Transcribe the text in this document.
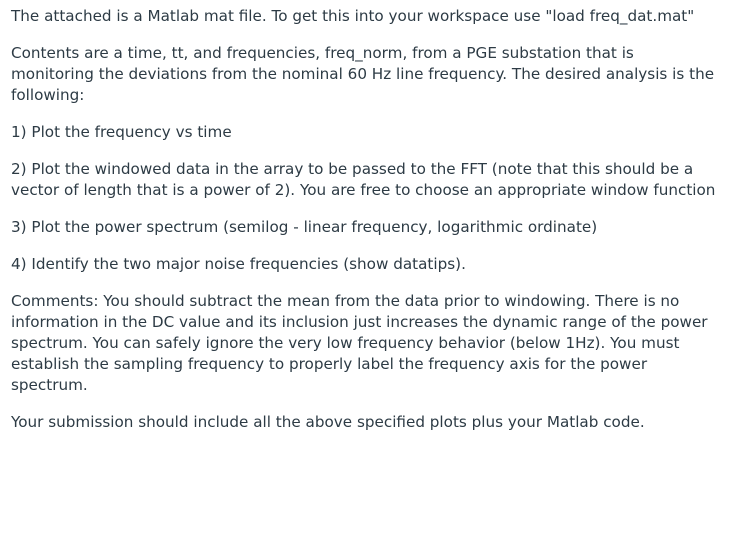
The attached is a Matlab mat file. To get this into your workspace use "load freq_dat.mat"

Contents are a time, tt, and frequencies, freq_norm, from a PGE substation that is monitoring the deviations from the nominal 60 Hz line frequency. The desired analysis is the following:

1) Plot the frequency vs time

2) Plot the windowed data in the array to be passed to the FFT (note that this should be a vector of length that is a power of 2). You are free to choose an appropriate window function

3) Plot the power spectrum (semilog - linear frequency, logarithmic ordinate)

4) Identify the two major noise frequencies (show datatips).

Comments: You should subtract the mean from the data prior to windowing. There is no information in the DC value and its inclusion just increases the dynamic range of the power spectrum. You can safely ignore the very low frequency behavior (below 1Hz). You must establish the sampling frequency to properly label the frequency axis for the power spectrum.

Your submission should include all the above specified plots plus your Matlab code.
